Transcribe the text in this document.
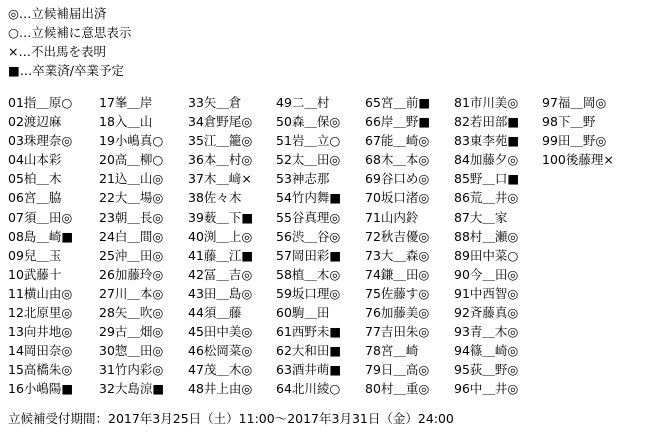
◎…立候補届出済
○…立候補に意思表示
×…不出馬を表明
■…卒業済/卒業予定
01指＿原○
02渡辺麻
03珠理奈◎
04山本彩
05柏＿木
06宮＿脇
07須＿田◎
08島＿崎■
09兒＿玉
10武藤十
11横山由◎
12北原里◎
13向井地◎
14岡田奈◎
15高橋朱◎
16小嶋陽■
17峯＿岸
18入＿山
19小嶋真○
20高＿柳○
21込＿山◎
22大＿場◎
23朝＿長◎
24白＿間◎
25沖＿田◎
26加藤玲◎
27川＿本◎
28矢＿吹◎
29古＿畑◎
30惣＿田◎
31竹内彩◎
32大島涼■
33矢＿倉
34倉野尾◎
35江＿籠◎
36本＿村◎
37木＿﨑×
38佐々木
39薮＿下■
40渕＿上◎
41藤＿江■
42冨＿吉◎
43田＿島◎
44須＿藤
45田中美◎
46松岡菜◎
47茂＿木◎
48井上由◎
49二＿村
50森＿保◎
51岩＿立○
52太＿田◎
53神志那
54竹内舞■
55谷真理◎
56渋＿谷◎
57岡田彩■
58植＿木◎
59坂口理◎
60駒＿田
61西野未■
62大和田■
63酒井萌■
64北川綾○
65宮＿前■
66岸＿野■
67能＿崎◎
68木＿本◎
69谷口め◎
70坂口渚◎
71山内鈴
72秋吉優◎
73大＿森◎
74鎌＿田◎
75佐藤す◎
76加藤美◎
77吉田朱◎
78宮＿崎
79日＿高◎
80村＿重◎
81市川美◎
82若田部■
83東李苑■
84加藤夕◎
85野＿口■
86荒＿井◎
87大＿家
88村＿瀬◎
89田中菜○
90今＿田◎
91中西智◎
92斉藤真◎
93青＿木◎
94篠＿崎◎
95荻＿野◎
96中＿井◎
97福＿岡◎
98下＿野
99田＿野◎
100後藤理×
立候補受付期間：2017年3月25日（土）11:00～2017年3月31日（金）24:00
